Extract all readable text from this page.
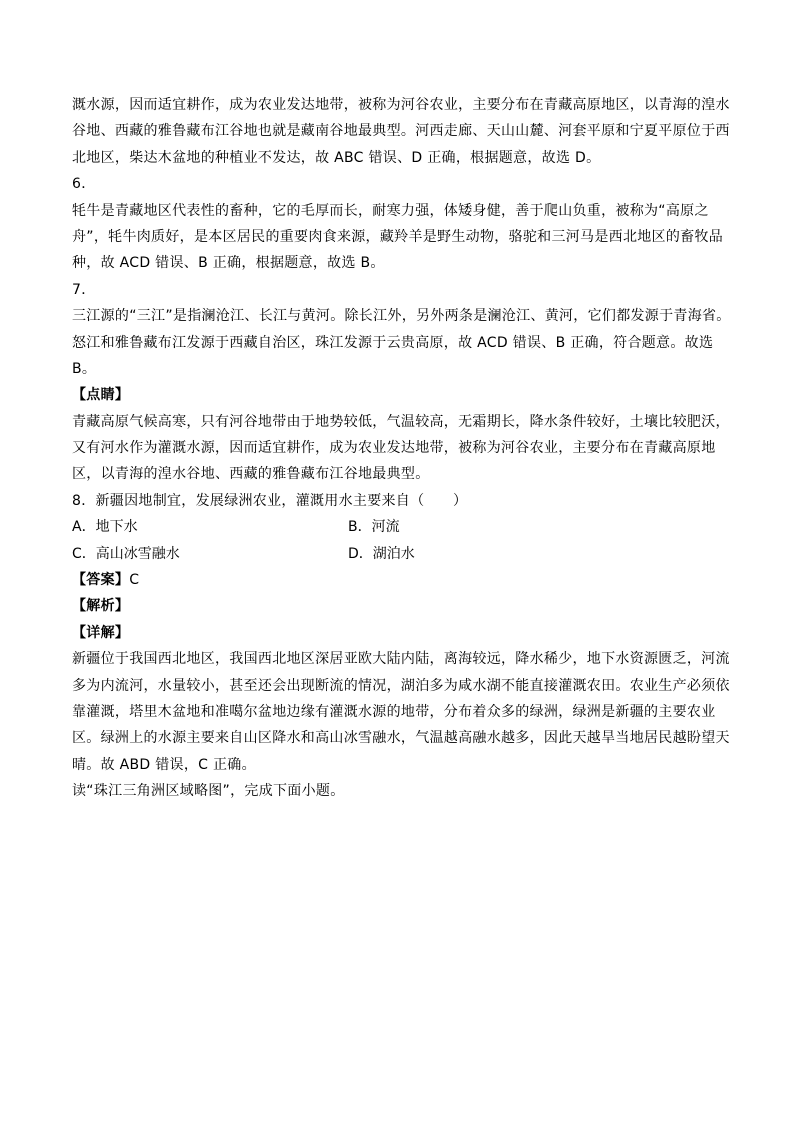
溉水源，因而适宜耕作，成为农业发达地带，被称为河谷农业，主要分布在青藏高原地区，以青海的湟水
谷地、西藏的雅鲁藏布江谷地也就是藏南谷地最典型。河西走廊、天山山麓、河套平原和宁夏平原位于西
北地区，柴达木盆地的种植业不发达，故 ABC 错误、D 正确，根据题意，故选 D。
6．
牦牛是青藏地区代表性的畜种，它的毛厚而长，耐寒力强，体矮身健，善于爬山负重，被称为“高原之
舟”，牦牛肉质好，是本区居民的重要肉食来源，藏羚羊是野生动物，骆驼和三河马是西北地区的畜牧品
种，故 ACD 错误、B 正确，根据题意，故选 B。
7．
三江源的“三江”是指澜沧江、长江与黄河。除长江外，另外两条是澜沧江、黄河，它们都发源于青海省。
怒江和雅鲁藏布江发源于西藏自治区，珠江发源于云贵高原，故 ACD 错误、B 正确，符合题意。故选
B。
【点睛】
青藏高原气候高寒，只有河谷地带由于地势较低，气温较高，无霜期长，降水条件较好，土壤比较肥沃，
又有河水作为灌溉水源，因而适宜耕作，成为农业发达地带，被称为河谷农业，主要分布在青藏高原地
区，以青海的湟水谷地、西藏的雅鲁藏布江谷地最典型。
8．新疆因地制宜，发展绿洲农业，灌溉用水主要来自（　　）
A．地下水	B．河流
C．高山冰雪融水	D．湖泊水
【答案】C
【解析】
【详解】
新疆位于我国西北地区，我国西北地区深居亚欧大陆内陆，离海较远，降水稀少，地下水资源匮乏，河流
多为内流河，水量较小，甚至还会出现断流的情况，湖泊多为咸水湖不能直接灌溉农田。农业生产必须依
靠灌溉，塔里木盆地和准噶尔盆地边缘有灌溉水源的地带，分布着众多的绿洲，绿洲是新疆的主要农业
区。绿洲上的水源主要来自山区降水和高山冰雪融水，气温越高融水越多，因此天越旱当地居民越盼望天
晴。故 ABD 错误，C 正确。
读“珠江三角洲区域略图”，完成下面小题。
